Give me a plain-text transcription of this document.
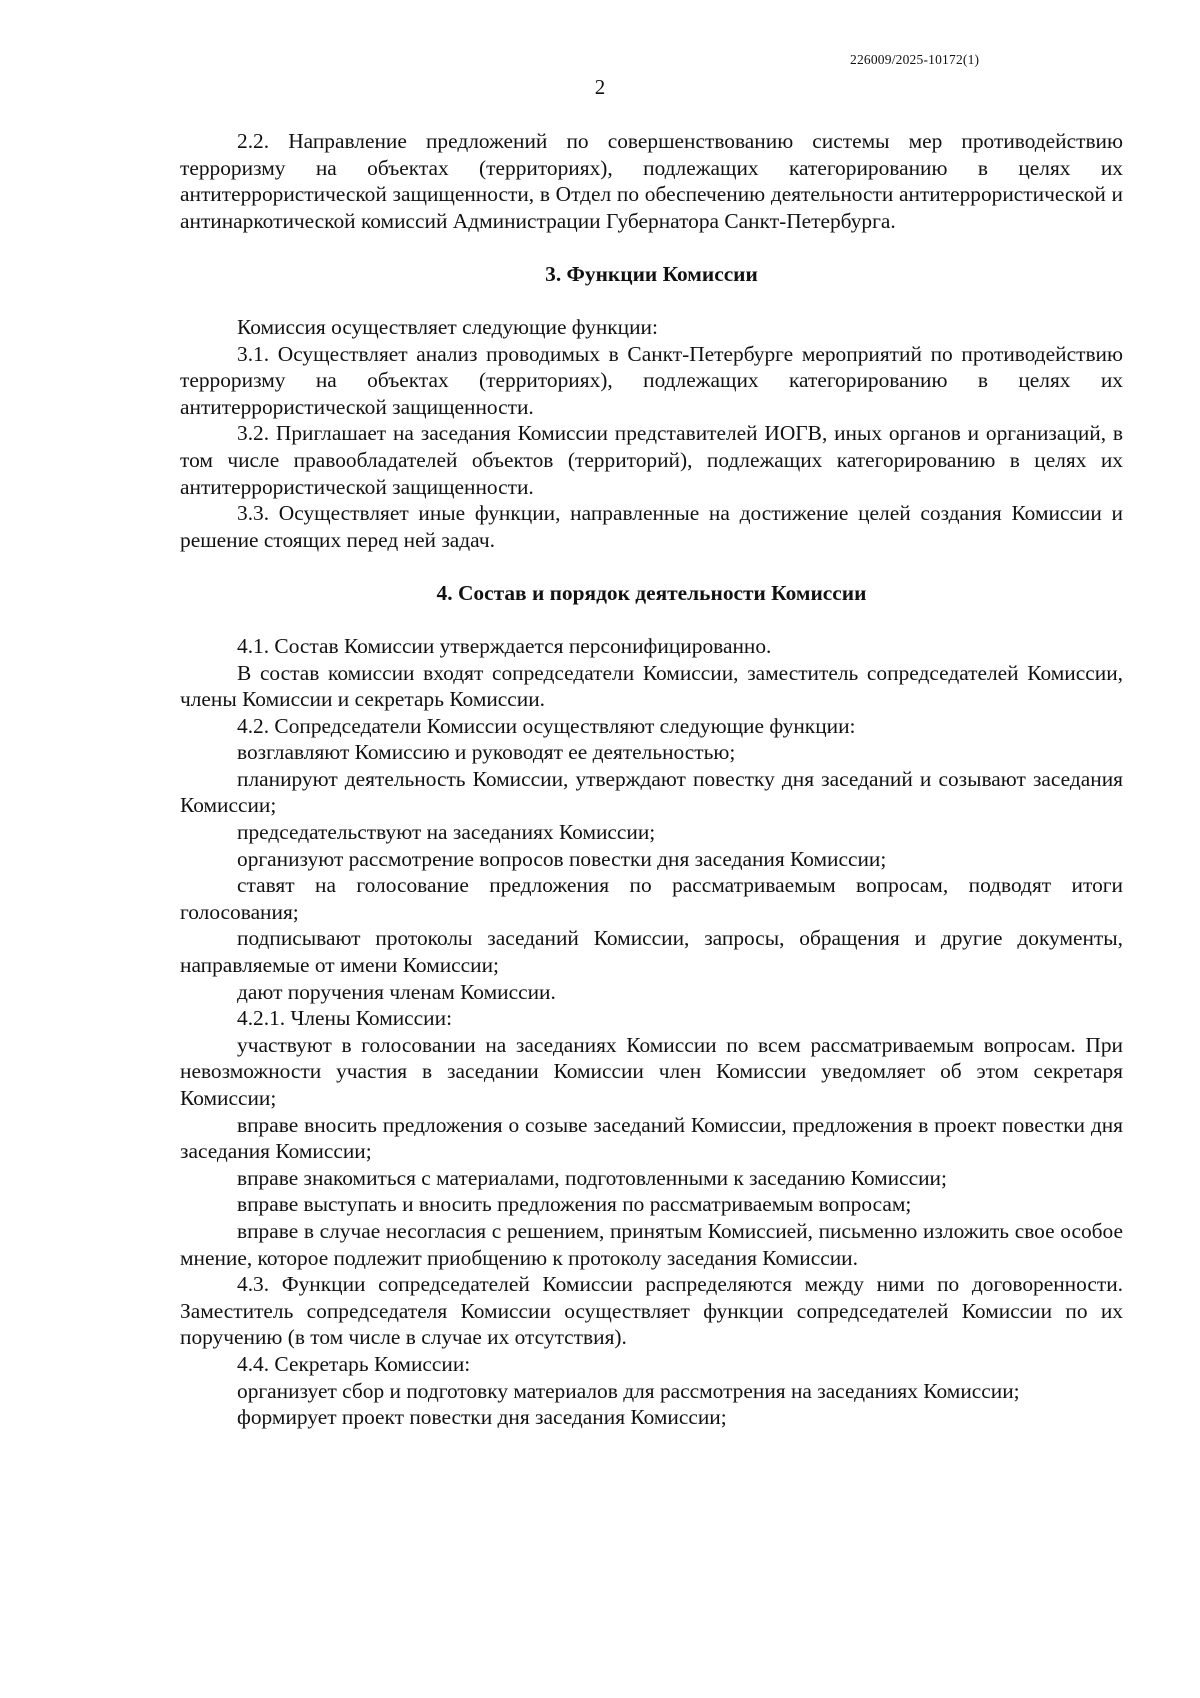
226009/2025-10172(1)
2

2.2. Направление предложений по совершенствованию системы мер противодействию терроризму на объектах (территориях), подлежащих категорированию в целях их антитеррористической защищенности, в Отдел по обеспечению деятельности антитеррористической и антинаркотической комиссий Администрации Губернатора Санкт-Петербурга.

3. Функции Комиссии

Комиссия осуществляет следующие функции:

3.1. Осуществляет анализ проводимых в Санкт-Петербурге мероприятий по противодействию терроризму на объектах (территориях), подлежащих категорированию в целях их антитеррористической защищенности.

3.2. Приглашает на заседания Комиссии представителей ИОГВ, иных органов и организаций, в том числе правообладателей объектов (территорий), подлежащих категорированию в целях их антитеррористической защищенности.

3.3. Осуществляет иные функции, направленные на достижение целей создания Комиссии и решение стоящих перед ней задач.

4. Состав и порядок деятельности Комиссии

4.1. Состав Комиссии утверждается персонифицированно.

В состав комиссии входят сопредседатели Комиссии, заместитель сопредседателей Комиссии, члены Комиссии и секретарь Комиссии.

4.2. Сопредседатели Комиссии осуществляют следующие функции:

возглавляют Комиссию и руководят ее деятельностью;

планируют деятельность Комиссии, утверждают повестку дня заседаний и созывают заседания Комиссии;

председательствуют на заседаниях Комиссии;

организуют рассмотрение вопросов повестки дня заседания Комиссии;

ставят на голосование предложения по рассматриваемым вопросам, подводят итоги голосования;

подписывают протоколы заседаний Комиссии, запросы, обращения и другие документы, направляемые от имени Комиссии;

дают поручения членам Комиссии.

4.2.1. Члены Комиссии:

участвуют в голосовании на заседаниях Комиссии по всем рассматриваемым вопросам. При невозможности участия в заседании Комиссии член Комиссии уведомляет об этом секретаря Комиссии;

вправе вносить предложения о созыве заседаний Комиссии, предложения в проект повестки дня заседания Комиссии;

вправе знакомиться с материалами, подготовленными к заседанию Комиссии;

вправе выступать и вносить предложения по рассматриваемым вопросам;

вправе в случае несогласия с решением, принятым Комиссией, письменно изложить свое особое мнение, которое подлежит приобщению к протоколу заседания Комиссии.

4.3. Функции сопредседателей Комиссии распределяются между ними по договоренности. Заместитель сопредседателя Комиссии осуществляет функции сопредседателей Комиссии по их поручению (в том числе в случае их отсутствия).

4.4. Секретарь Комиссии:

организует сбор и подготовку материалов для рассмотрения на заседаниях Комиссии;

формирует проект повестки дня заседания Комиссии;
